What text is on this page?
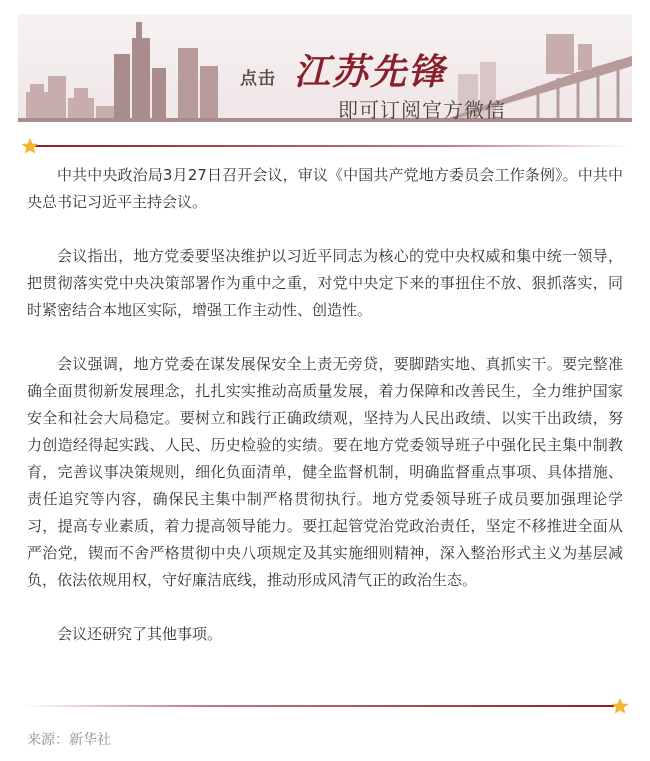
点击 江苏先锋
即可订阅官方微信

中共中央政治局3月27日召开会议，审议《中国共产党地方委员会工作条例》。中共中央总书记习近平主持会议。

会议指出，地方党委要坚决维护以习近平同志为核心的党中央权威和集中统一领导，把贯彻落实党中央决策部署作为重中之重，对党中央定下来的事扭住不放、狠抓落实，同时紧密结合本地区实际，增强工作主动性、创造性。

会议强调，地方党委在谋发展保安全上责无旁贷，要脚踏实地、真抓实干。要完整准确全面贯彻新发展理念，扎扎实实推动高质量发展，着力保障和改善民生，全力维护国家安全和社会大局稳定。要树立和践行正确政绩观，坚持为人民出政绩、以实干出政绩，努力创造经得起实践、人民、历史检验的实绩。要在地方党委领导班子中强化民主集中制教育，完善议事决策规则，细化负面清单，健全监督机制，明确监督重点事项、具体措施、责任追究等内容，确保民主集中制严格贯彻执行。地方党委领导班子成员要加强理论学习，提高专业素质，着力提高领导能力。要扛起管党治党政治责任，坚定不移推进全面从严治党，锲而不舍严格贯彻中央八项规定及其实施细则精神，深入整治形式主义为基层减负，依法依规用权，守好廉洁底线，推动形成风清气正的政治生态。

会议还研究了其他事项。

来源：新华社
